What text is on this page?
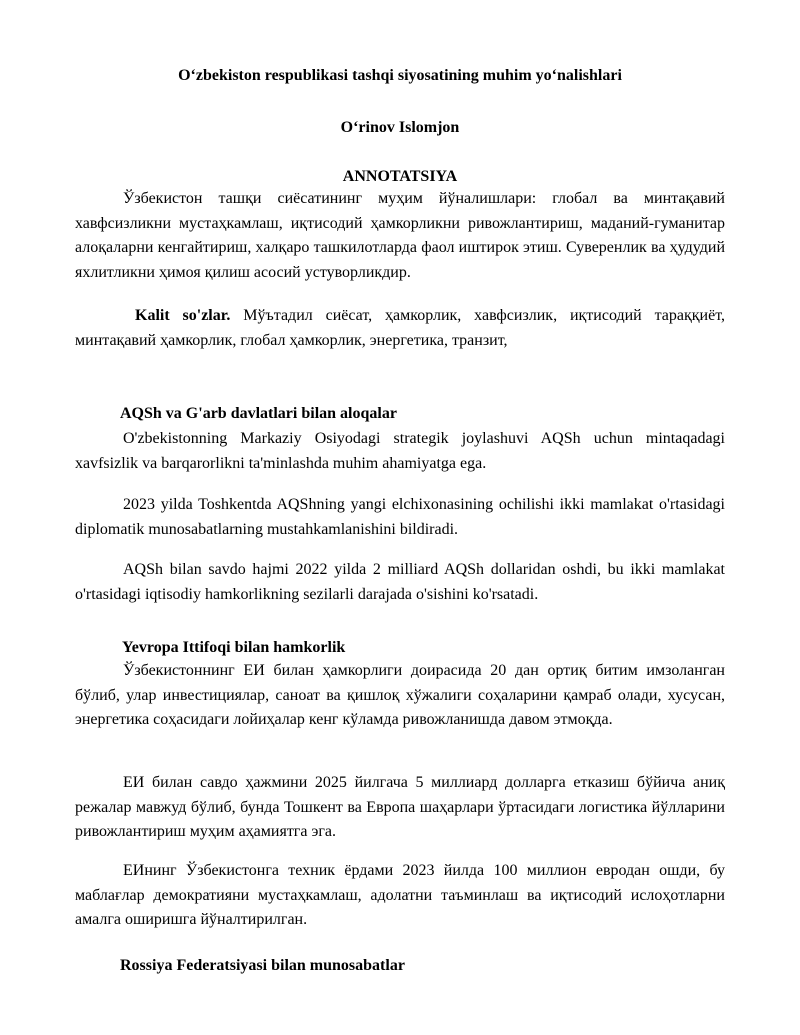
O‘zbekiston respublikasi tashqi siyosatining muhim yo‘nalishlari
O‘rinov Islomjon
ANNOTATSIYA

Ўзбекистон ташқи сиёсатининг муҳим йўналишлари: глобал ва минтақавий хавфсизликни мустаҳкамлаш, иқтисодий ҳамкорликни ривожлантириш, маданий-гуманитар алоқаларни кенгайтириш, халқаро ташкилотларда фаол иштирок этиш. Суверенлик ва ҳудудий яхлитликни ҳимоя қилиш асосий устуворликдир.

Kalit so'zlar. Мўътадил сиёсат, ҳамкорлик, хавфсизлик, иқтисодий тараққиёт, минтақавий ҳамкорлик, глобал ҳамкорлик, энергетика, транзит,

AQSh va G'arb davlatlari bilan aloqalar

O'zbekistonning Markaziy Osiyodagi strategik joylashuvi AQSh uchun mintaqadagi xavfsizlik va barqarorlikni ta'minlashda muhim ahamiyatga ega.

2023 yilda Toshkentda AQShning yangi elchixonasining ochilishi ikki mamlakat o'rtasidagi diplomatik munosabatlarning mustahkamlanishini bildiradi.

AQSh bilan savdo hajmi 2022 yilda 2 milliard AQSh dollaridan oshdi, bu ikki mamlakat o'rtasidagi iqtisodiy hamkorlikning sezilarli darajada o'sishini ko'rsatadi.

Yevropa Ittifoqi bilan hamkorlik

Ўзбекистоннинг ЕИ билан ҳамкорлиги доирасида 20 дан ортиқ битим имзоланган бўлиб, улар инвестициялар, саноат ва қишлоқ хўжалиги соҳаларини қамраб олади, хусусан, энергетика соҳасидаги лойиҳалар кенг кўламда ривожланишда давом этмоқда.

ЕИ билан савдо ҳажмини 2025 йилгача 5 миллиард долларга етказиш бўйича аниқ режалар мавжуд бўлиб, бунда Тошкент ва Европа шаҳарлари ўртасидаги логистика йўлларини ривожлантириш муҳим аҳамиятга эга.

ЕИнинг Ўзбекистонга техник ёрдами 2023 йилда 100 миллион евродан ошди, бу маблағлар демократияни мустаҳкамлаш, адолатни таъминлаш ва иқтисодий ислоҳотларни амалга оширишга йўналтирилган.

Rossiya Federatsiyasi bilan munosabatlar
